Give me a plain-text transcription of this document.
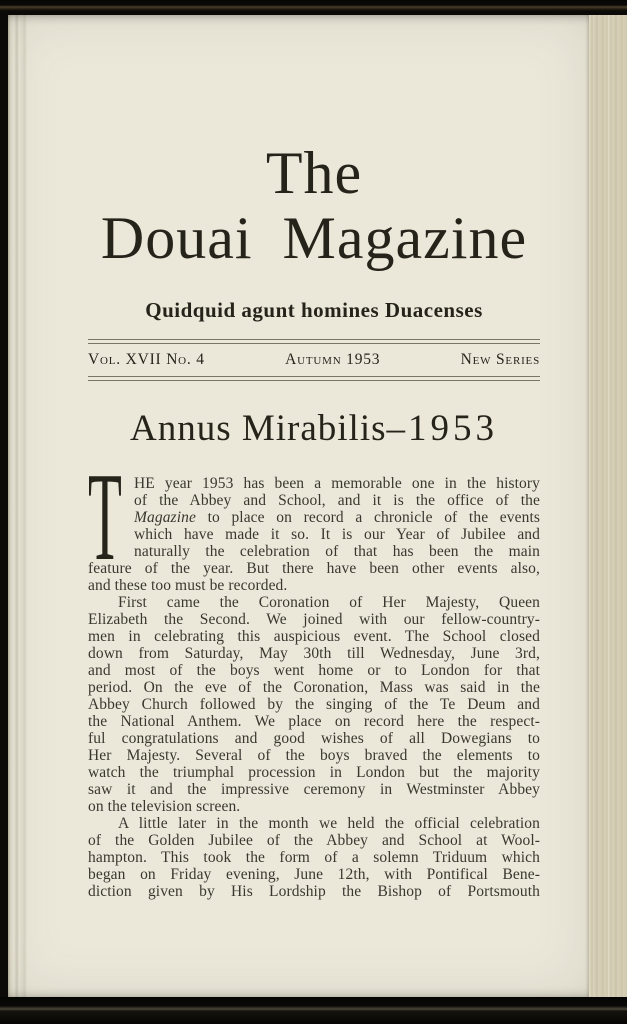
The
Douai Magazine
Quidquid agunt homines Duacenses
Vol. XVII No. 4	Autumn 1953	New Series
Annus Mirabilis–1953
T HE year 1953 has been a memorable one in the history
of the Abbey and School, and it is the office of the
Magazine to place on record a chronicle of the events
which have made it so. It is our Year of Jubilee and
naturally the celebration of that has been the main
feature of the year. But there have been other events also,
and these too must be recorded.
First came the Coronation of Her Majesty, Queen
Elizabeth the Second. We joined with our fellow-country-
men in celebrating this auspicious event. The School closed
down from Saturday, May 30th till Wednesday, June 3rd,
and most of the boys went home or to London for that
period. On the eve of the Coronation, Mass was said in the
Abbey Church followed by the singing of the Te Deum and
the National Anthem. We place on record here the respect-
ful congratulations and good wishes of all Dowegians to
Her Majesty. Several of the boys braved the elements to
watch the triumphal procession in London but the majority
saw it and the impressive ceremony in Westminster Abbey
on the television screen.
A little later in the month we held the official celebration
of the Golden Jubilee of the Abbey and School at Wool-
hampton. This took the form of a solemn Triduum which
began on Friday evening, June 12th, with Pontifical Bene-
diction given by His Lordship the Bishop of Portsmouth
